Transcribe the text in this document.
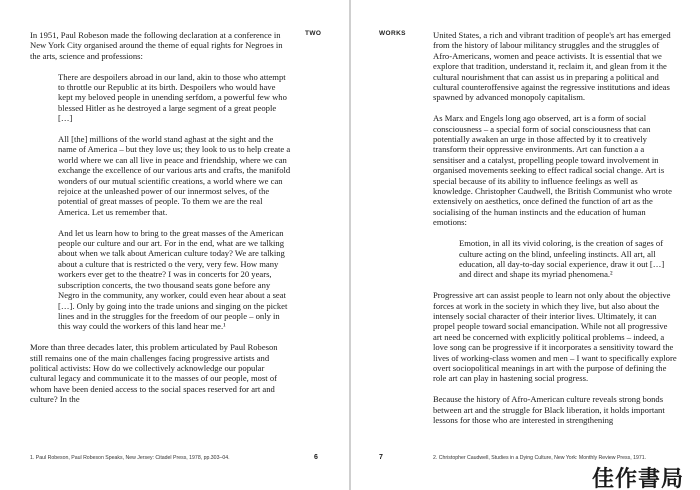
TWO

In 1951, Paul Robeson made the following declaration at a conference in New York City organised around the theme of equal rights for Negroes in the arts, science and professions:

There are despoilers abroad in our land, akin to those who attempt to throttle our Republic at its birth. Despoilers who would have kept my beloved people in unending serfdom, a powerful few who blessed Hitler as he destroyed a large segment of a great people […]

All [the] millions of the world stand aghast at the sight and the name of America – but they love us; they look to us to help create a world where we can all live in peace and friendship, where we can exchange the excellence of our various arts and crafts, the manifold wonders of our mutual scientific creations, a world where we can rejoice at the unleashed power of our innermost selves, of the potential of great masses of people. To them we are the real America. Let us remember that.

And let us learn how to bring to the great masses of the American people our culture and our art. For in the end, what are we talking about when we talk about American culture today? We are talking about a culture that is restricted o the very, very few. How many workers ever get to the theatre? I was in concerts for 20 years, subscription concerts, the two thousand seats gone before any Negro in the community, any worker, could even hear about a seat […]. Only by going into the trade unions and singing on the picket lines and in the struggles for the freedom of our people – only in this way could the workers of this land hear me.¹

More than three decades later, this problem articulated by Paul Robeson still remains one of the main challenges facing progressive artists and political activists: How do we collectively acknowledge our popular cultural legacy and communicate it to the masses of our people, most of whom have been denied access to the social spaces reserved for art and culture? In the

1. Paul Robeson, Paul Robeson Speaks, New Jersey: Citadel Press, 1978, pp.303–04.	6
WORKS	United States, a rich and vibrant tradition of people's art has emerged from the history of labour militancy struggles and the struggles of Afro-Americans, women and peace activists. It is essential that we explore that tradition, understand it, reclaim it, and glean from it the cultural nourishment that can assist us in preparing a political and cultural counteroffensive against the regressive institutions and ideas spawned by advanced monopoly capitalism.

As Marx and Engels long ago observed, art is a form of social consciousness – a special form of social consciousness that can potentially awaken an urge in those affected by it to creatively transform their oppressive environments. Art can function a a sensitiser and a catalyst, propelling people toward involvement in organised movements seeking to effect radical social change. Art is special because of its ability to influence feelings as well as knowledge. Christopher Caudwell, the British Communist who wrote extensively on aesthetics, once defined the function of art as the socialising of the human instincts and the education of human emotions:

Emotion, in all its vivid coloring, is the creation of sages of culture acting on the blind, unfeeling instincts. All art, all education, all day-to-day social experience, draw it out […] and direct and shape its myriad phenomena.²

Progressive art can assist people to learn not only about the objective forces at work in the society in which they live, but also about the intensely social character of their interior lives. Ultimately, it can propel people toward social emancipation. While not all progressive art need be concerned with explicitly political problems – indeed, a love song can be progressive if it incorporates a sensitivity toward the lives of working-class women and men – I want to specifically explore overt sociopolitical meanings in art with the purpose of defining the role art can play in hastening social progress.

Because the history of Afro-American culture reveals strong bonds between art and the struggle for Black liberation, it holds important lessons for those who are interested in strengthening

2. Christopher Caudwell, Studies in a Dying Culture, New York: Monthly Review Press, 1971.
7
佳作書局
